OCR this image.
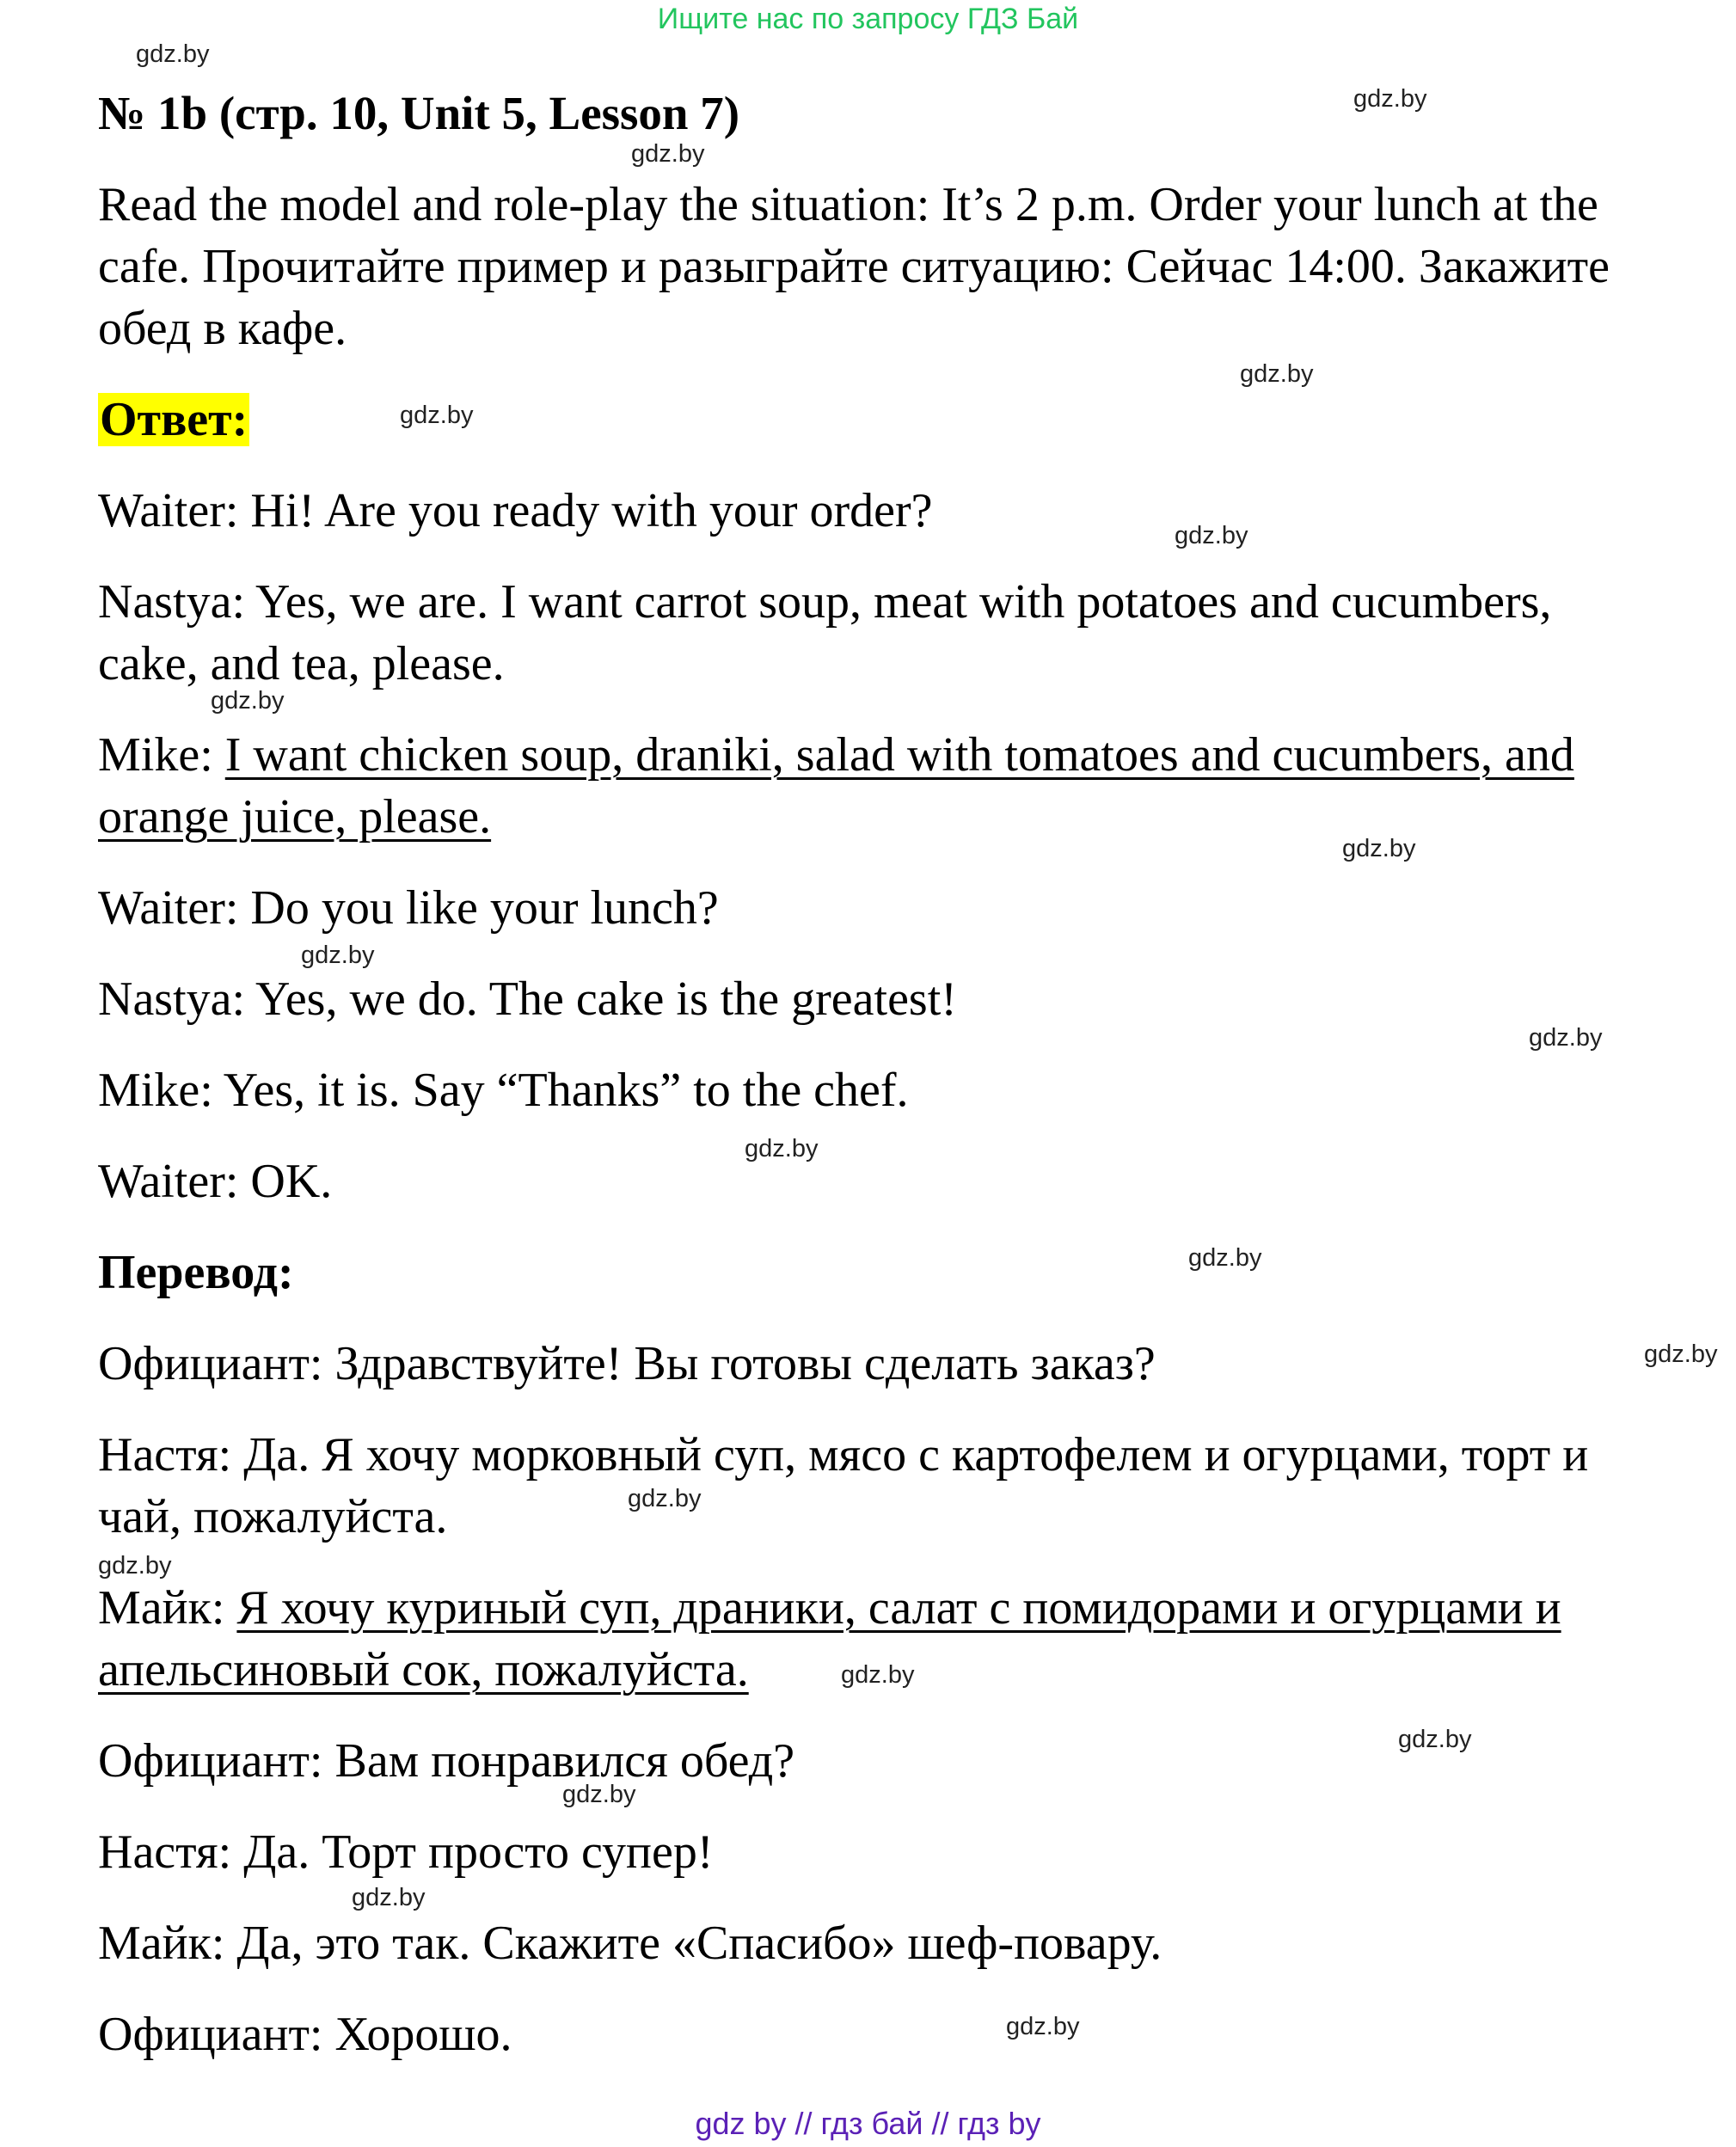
Ищите нас по запросу ГДЗ Бай
gdz.by
gdz.by
gdz.by
gdz.by
gdz.by
gdz.by
gdz.by
gdz.by
gdz.by
gdz.by
gdz.by
gdz.by
gdz.by
gdz.by
gdz.by
gdz.by
gdz.by
gdz.by
gdz.by
gdz.by
№ 1b (стр. 10, Unit 5, Lesson 7)
Read the model and role-play the situation: It’s 2 p.m. Order your lunch at the cafe. Прочитайте пример и разыграйте ситуацию: Сейчас 14:00. Закажите обед в кафе.
Ответ:
Waiter: Hi! Are you ready with your order?
Nastya: Yes, we are. I want carrot soup, meat with potatoes and cucumbers,
cake, and tea, please.
Mike: I want chicken soup, draniki, salad with tomatoes and cucumbers, and
orange juice, please.
Waiter: Do you like your lunch?
Nastya: Yes, we do. The cake is the greatest!
Mike: Yes, it is. Say “Thanks” to the chef.
Waiter: OK.
Перевод:
Официант: Здравствуйте! Вы готовы сделать заказ?
Настя: Да. Я хочу морковный суп, мясо с картофелем и огурцами, торт и
чай, пожалуйста.
Майк: Я хочу куриный суп, драники, салат с помидорами и огурцами и
апельсиновый сок, пожалуйста.
Официант: Вам понравился обед?
Настя: Да. Торт просто супер!
Майк: Да, это так. Скажите «Спасибо» шеф-повару.
Официант: Хорошо.
gdz by // гдз бай // гдз by
